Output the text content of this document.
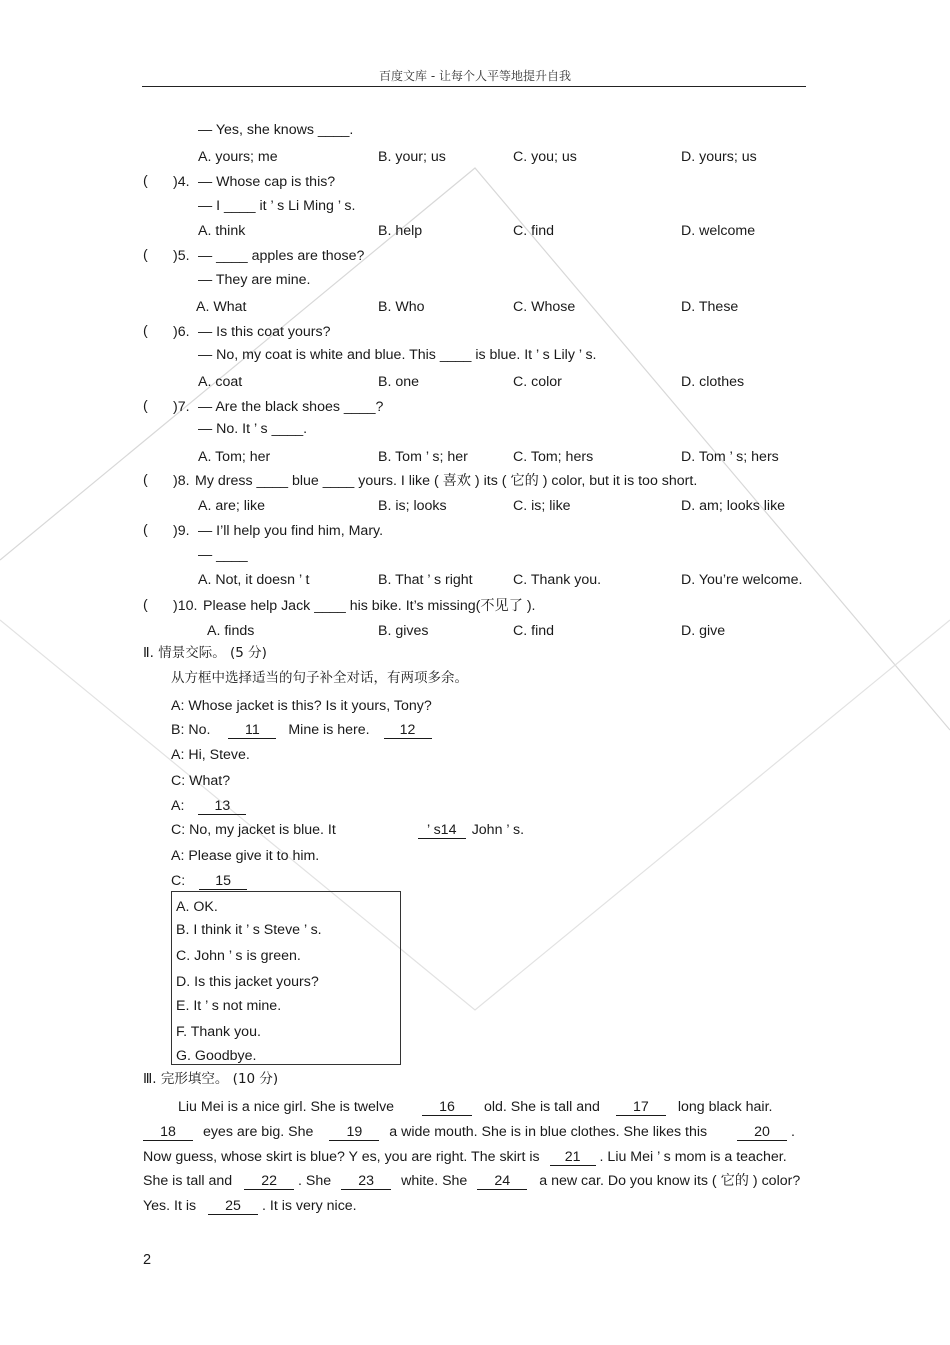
百度文库 - 让每个人平等地提升自我
— Yes, she knows ____.
A. yours; me	B. your; us	C. you; us	D. yours; us
( )4. — Whose cap is this?
— I ____ it ’ s Li Ming ’ s.
A. think	B. help	C. find	D. welcome
( )5. — ____ apples are those?
— They are mine.
A. What	B. Who	C. Whose	D. These
( )6. — Is this coat yours?
— No, my coat is white and blue. This ____ is blue. It ’ s Lily ’ s.
A. coat	B. one	C. color	D. clothes
( )7. — Are the black shoes ____?
— No. It ’ s ____.
A. Tom; her	B. Tom ’ s; her	C. Tom; hers	D. Tom ’ s; hers
( )8. My dress ____ blue ____ yours. I like ( 喜欢 ) its ( 它的 ) color, but it is too short.
A. are; like	B. is; looks	C. is; like	D. am; looks like
( )9. — I’ll help you find him, Mary.
— ____
A. Not, it doesn ’ t	B. That ’ s right	C. Thank you.	D. You’re welcome.
( )10. Please help Jack ____ his bike. It’s missing(不见了 ).
A. finds	B. gives	C. find	D. give
Ⅱ. 情景交际。 (5 分)
从方框中选择适当的句子补全对话，有两项多余。
A: Whose jacket is this? Is it yours, Tony?
B: No. 11 Mine is here. 12
A: Hi, Steve.
C: What?
A: 13
C: No, my jacket is blue. It	’ s14 John ’ s.
A: Please give it to him.
C: 15
A. OK.
B. I think it ’ s Steve ’ s.
C. John ’ s is green.
D. Is this jacket yours?
E. It ’ s not mine.
F. Thank you.
G. Goodbye.
Ⅲ. 完形填空。 (10 分)
Liu Mei is a nice girl. She is twelve	16 old. She is tall and 17 long black hair.
18 eyes are big. She 19 a wide mouth. She is in blue clothes. She likes this	20 .
Now guess, whose skirt is blue? Y es, you are right. The skirt is 21 . Liu Mei ’ s mom is a teacher.
She is tall and 22 . She 23 white. She 24 a new car. Do you know its ( 它的 ) color?
Yes. It is 25 . It is very nice.
2
